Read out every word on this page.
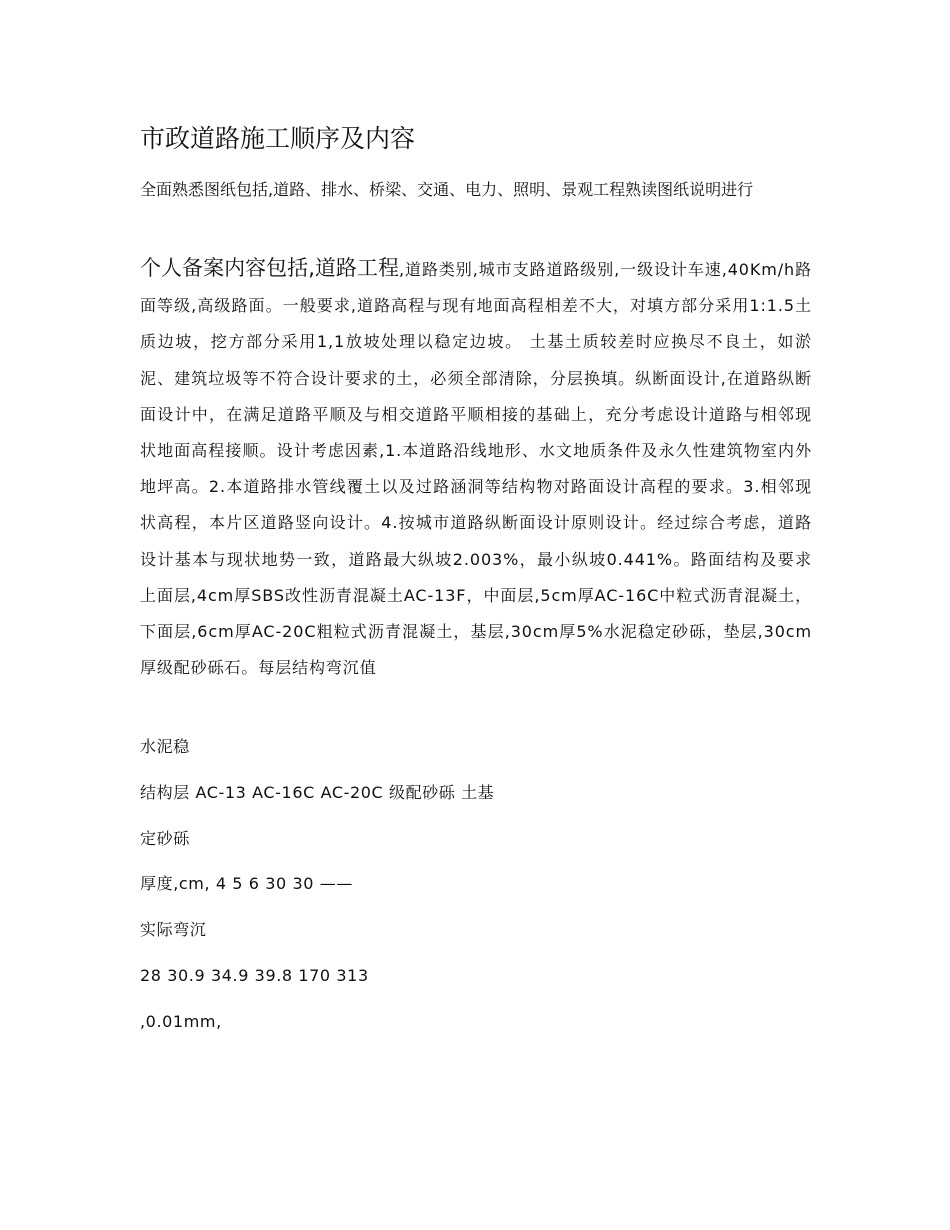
市政道路施工顺序及内容

全面熟悉图纸包括,道路、排水、桥梁、交通、电力、照明、景观工程熟读图纸说明进行

个人备案内容包括,道路工程,道路类别,城市支路道路级别,一级设计车速,40Km/h路面等级,高级路面。一般要求,道路高程与现有地面高程相差不大，对填方部分采用1:1.5土质边坡，挖方部分采用1,1放坡处理以稳定边坡。 土基土质较差时应换尽不良土，如淤泥、建筑垃圾等不符合设计要求的土，必须全部清除，分层换填。纵断面设计,在道路纵断面设计中，在满足道路平顺及与相交道路平顺相接的基础上，充分考虑设计道路与相邻现状地面高程接顺。设计考虑因素,1.本道路沿线地形、水文地质条件及永久性建筑物室内外地坪高。2.本道路排水管线覆土以及过路涵洞等结构物对路面设计高程的要求。3.相邻现状高程，本片区道路竖向设计。4.按城市道路纵断面设计原则设计。经过综合考虑，道路设计基本与现状地势一致，道路最大纵坡2.003%，最小纵坡0.441%。路面结构及要求上面层,4cm厚SBS改性沥青混凝土AC-13F，中面层,5cm厚AC-16C中粒式沥青混凝土，下面层,6cm厚AC-20C粗粒式沥青混凝土，基层,30cm厚5%水泥稳定砂砾，垫层,30cm厚级配砂砾石。每层结构弯沉值

水泥稳

结构层 AC-13 AC-16C AC-20C 级配砂砾 土基

定砂砾

厚度,cm, 4 5 6 30 30 ——

实际弯沉

28 30.9 34.9 39.8 170 313

,0.01mm,
